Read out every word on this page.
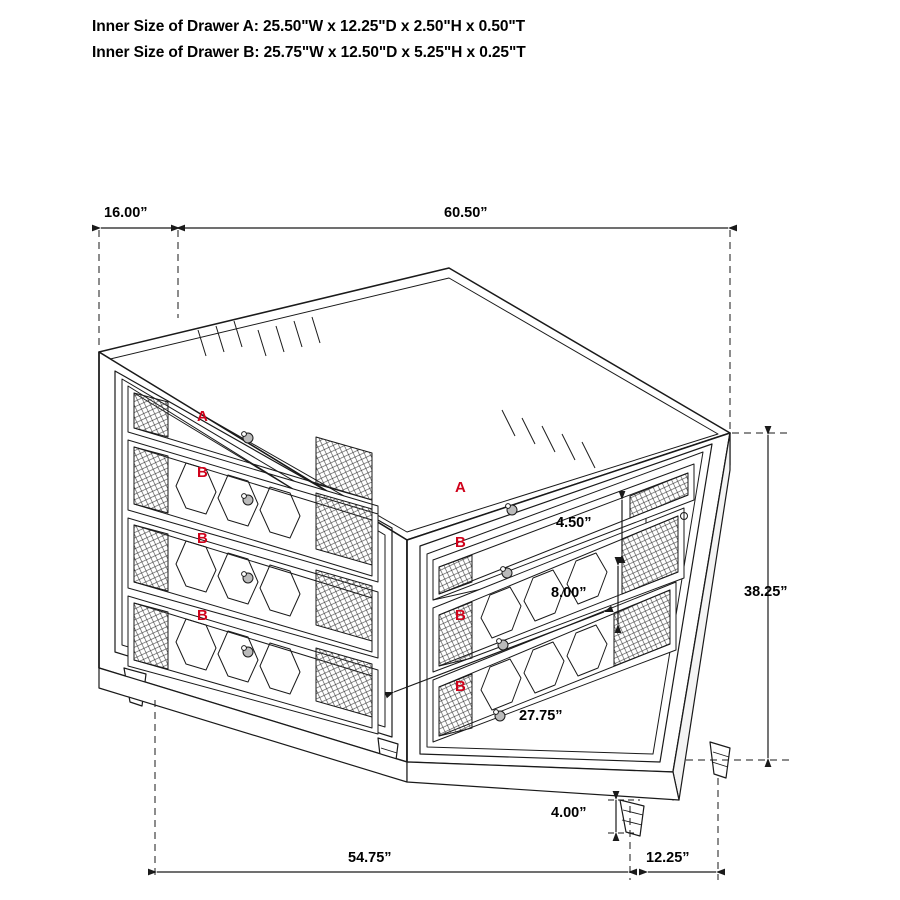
Inner Size of Drawer A: 25.50"W x 12.25"D x 2.50"H x 0.50"T
Inner Size of Drawer B: 25.75"W x 12.50"D x 5.25"H x 0.25"T
16.00”	60.50”
38.25”
4.50”
8.00”
27.75”
54.75”
4.00”
12.25”
A
B
B
B
A
B
B
B
